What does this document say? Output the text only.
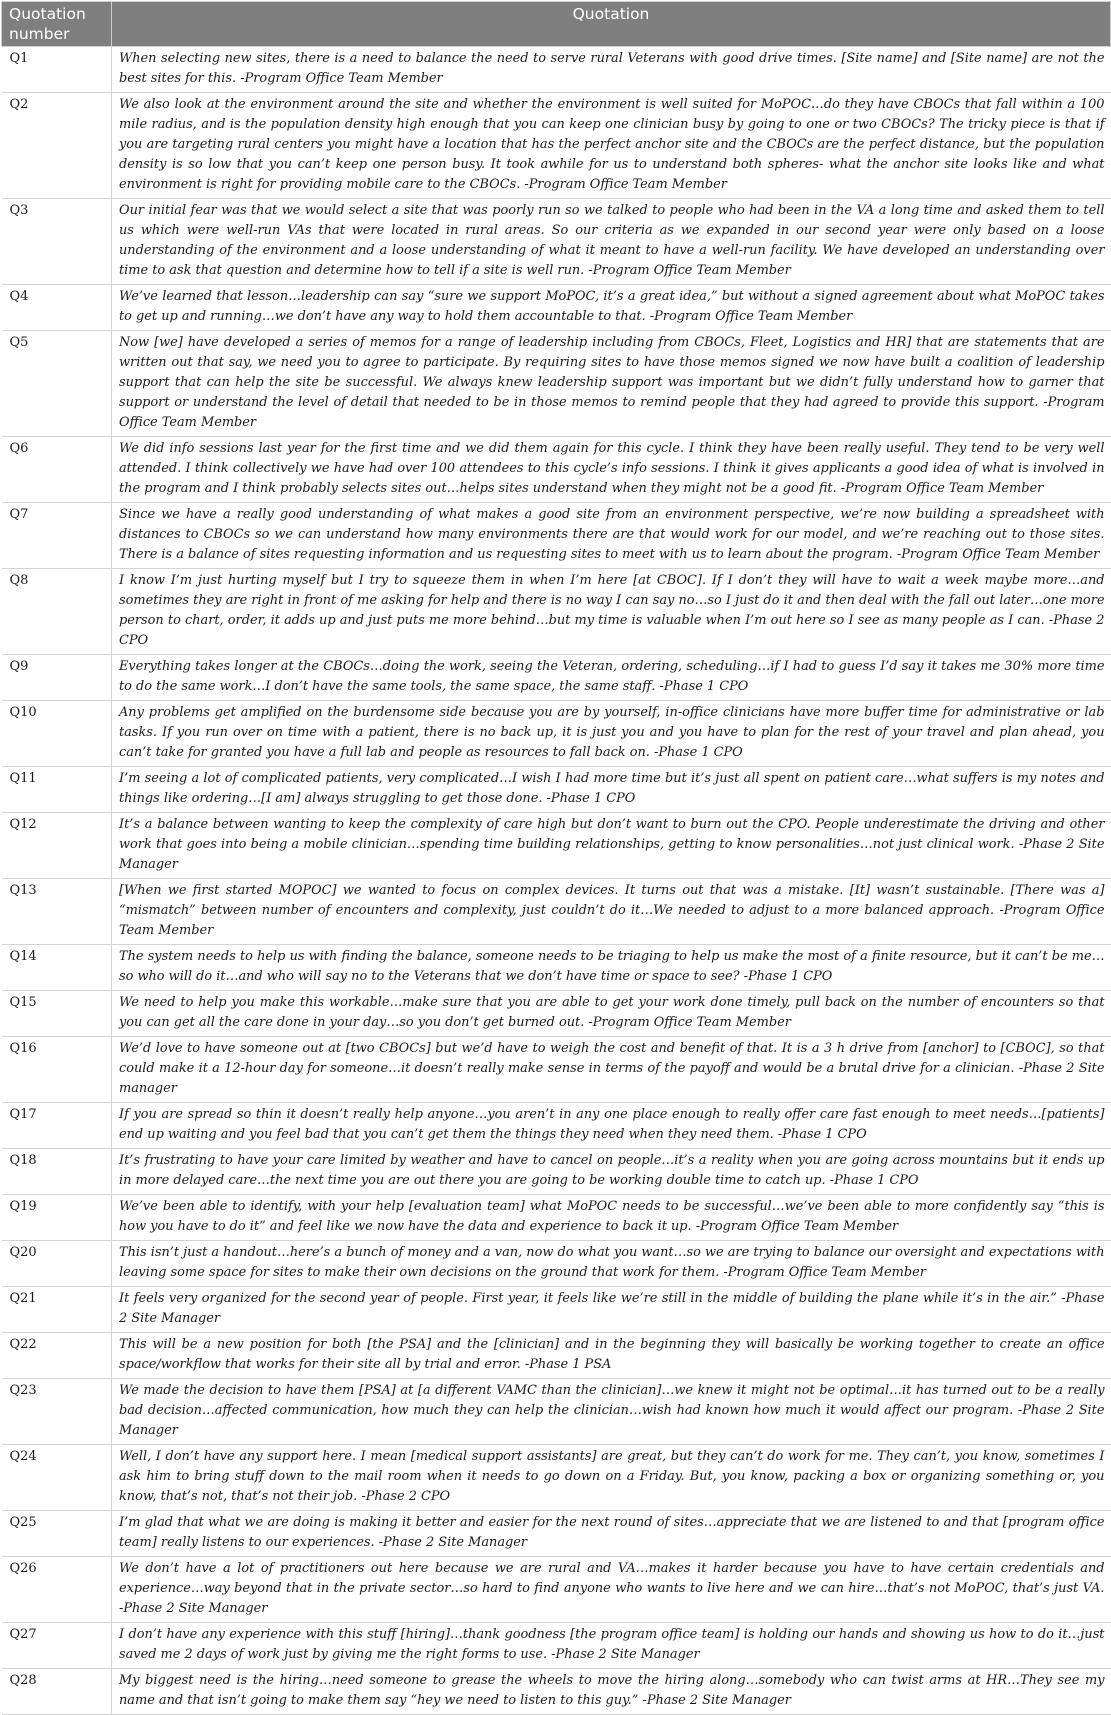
Quotation number	Quotation
Q1	When selecting new sites, there is a need to balance the need to serve rural Veterans with good drive times. [Site name] and [Site name] are not the best sites for this. -Program Office Team Member
Q2	We also look at the environment around the site and whether the environment is well suited for MoPOC…do they have CBOCs that fall within a 100 mile radius, and is the population density high enough that you can keep one clinician busy by going to one or two CBOCs? The tricky piece is that if you are targeting rural centers you might have a location that has the perfect anchor site and the CBOCs are the perfect distance, but the population density is so low that you can’t keep one person busy. It took awhile for us to understand both spheres- what the anchor site looks like and what environment is right for providing mobile care to the CBOCs. -Program Office Team Member
Q3	Our initial fear was that we would select a site that was poorly run so we talked to people who had been in the VA a long time and asked them to tell us which were well-run VAs that were located in rural areas. So our criteria as we expanded in our second year were only based on a loose understanding of the environment and a loose understanding of what it meant to have a well-run facility. We have developed an understanding over time to ask that question and determine how to tell if a site is well run. -Program Office Team Member
Q4	We’ve learned that lesson…leadership can say “sure we support MoPOC, it’s a great idea,” but without a signed agreement about what MoPOC takes to get up and running…we don’t have any way to hold them accountable to that. -Program Office Team Member
Q5	Now [we] have developed a series of memos for a range of leadership including from CBOCs, Fleet, Logistics and HR] that are statements that are written out that say, we need you to agree to participate. By requiring sites to have those memos signed we now have built a coalition of leadership support that can help the site be successful. We always knew leadership support was important but we didn’t fully understand how to garner that support or understand the level of detail that needed to be in those memos to remind people that they had agreed to provide this support. -Program Office Team Member
Q6	We did info sessions last year for the first time and we did them again for this cycle. I think they have been really useful. They tend to be very well attended. I think collectively we have had over 100 attendees to this cycle’s info sessions. I think it gives applicants a good idea of what is involved in the program and I think probably selects sites out…helps sites understand when they might not be a good fit. -Program Office Team Member
Q7	Since we have a really good understanding of what makes a good site from an environment perspective, we’re now building a spreadsheet with distances to CBOCs so we can understand how many environments there are that would work for our model, and we’re reaching out to those sites. There is a balance of sites requesting information and us requesting sites to meet with us to learn about the program. -Program Office Team Member
Q8	I know I’m just hurting myself but I try to squeeze them in when I’m here [at CBOC]. If I don’t they will have to wait a week maybe more…and sometimes they are right in front of me asking for help and there is no way I can say no…so I just do it and then deal with the fall out later…one more person to chart, order, it adds up and just puts me more behind…but my time is valuable when I’m out here so I see as many people as I can. -Phase 2 CPO
Q9	Everything takes longer at the CBOCs…doing the work, seeing the Veteran, ordering, scheduling…if I had to guess I’d say it takes me 30% more time to do the same work…I don’t have the same tools, the same space, the same staff. -Phase 1 CPO
Q10	Any problems get amplified on the burdensome side because you are by yourself, in-office clinicians have more buffer time for administrative or lab tasks. If you run over on time with a patient, there is no back up, it is just you and you have to plan for the rest of your travel and plan ahead, you can’t take for granted you have a full lab and people as resources to fall back on. -Phase 1 CPO
Q11	I’m seeing a lot of complicated patients, very complicated…I wish I had more time but it’s just all spent on patient care…what suffers is my notes and things like ordering…[I am] always struggling to get those done. -Phase 1 CPO
Q12	It’s a balance between wanting to keep the complexity of care high but don’t want to burn out the CPO. People underestimate the driving and other work that goes into being a mobile clinician…spending time building relationships, getting to know personalities…not just clinical work. -Phase 2 Site Manager
Q13	[When we first started MOPOC] we wanted to focus on complex devices. It turns out that was a mistake. [It] wasn’t sustainable. [There was a] “mismatch” between number of encounters and complexity, just couldn’t do it…We needed to adjust to a more balanced approach. -Program Office Team Member
Q14	The system needs to help us with finding the balance, someone needs to be triaging to help us make the most of a finite resource, but it can’t be me…so who will do it…and who will say no to the Veterans that we don’t have time or space to see? -Phase 1 CPO
Q15	We need to help you make this workable…make sure that you are able to get your work done timely, pull back on the number of encounters so that you can get all the care done in your day…so you don’t get burned out. -Program Office Team Member
Q16	We’d love to have someone out at [two CBOCs] but we’d have to weigh the cost and benefit of that. It is a 3 h drive from [anchor] to [CBOC], so that could make it a 12-hour day for someone…it doesn’t really make sense in terms of the payoff and would be a brutal drive for a clinician. -Phase 2 Site manager
Q17	If you are spread so thin it doesn’t really help anyone…you aren’t in any one place enough to really offer care fast enough to meet needs…[patients] end up waiting and you feel bad that you can’t get them the things they need when they need them. -Phase 1 CPO
Q18	It’s frustrating to have your care limited by weather and have to cancel on people…it’s a reality when you are going across mountains but it ends up in more delayed care…the next time you are out there you are going to be working double time to catch up. -Phase 1 CPO
Q19	We’ve been able to identify, with your help [evaluation team] what MoPOC needs to be successful…we’ve been able to more confidently say “this is how you have to do it” and feel like we now have the data and experience to back it up. -Program Office Team Member
Q20	This isn’t just a handout…here’s a bunch of money and a van, now do what you want…so we are trying to balance our oversight and expectations with leaving some space for sites to make their own decisions on the ground that work for them. -Program Office Team Member
Q21	It feels very organized for the second year of people. First year, it feels like we’re still in the middle of building the plane while it’s in the air.” -Phase 2 Site Manager
Q22	This will be a new position for both [the PSA] and the [clinician] and in the beginning they will basically be working together to create an office space/workflow that works for their site all by trial and error. -Phase 1 PSA
Q23	We made the decision to have them [PSA] at [a different VAMC than the clinician]…we knew it might not be optimal…it has turned out to be a really bad decision…affected communication, how much they can help the clinician…wish had known how much it would affect our program. -Phase 2 Site Manager
Q24	Well, I don’t have any support here. I mean [medical support assistants] are great, but they can’t do work for me. They can’t, you know, sometimes I ask him to bring stuff down to the mail room when it needs to go down on a Friday. But, you know, packing a box or organizing something or, you know, that’s not, that’s not their job. -Phase 2 CPO
Q25	I’m glad that what we are doing is making it better and easier for the next round of sites…appreciate that we are listened to and that [program office team] really listens to our experiences. -Phase 2 Site Manager
Q26	We don’t have a lot of practitioners out here because we are rural and VA…makes it harder because you have to have certain credentials and experience…way beyond that in the private sector…so hard to find anyone who wants to live here and we can hire…that’s not MoPOC, that’s just VA. -Phase 2 Site Manager
Q27	I don’t have any experience with this stuff [hiring]…thank goodness [the program office team] is holding our hands and showing us how to do it…just saved me 2 days of work just by giving me the right forms to use. -Phase 2 Site Manager
Q28	My biggest need is the hiring…need someone to grease the wheels to move the hiring along…somebody who can twist arms at HR…They see my name and that isn’t going to make them say “hey we need to listen to this guy.” -Phase 2 Site Manager
